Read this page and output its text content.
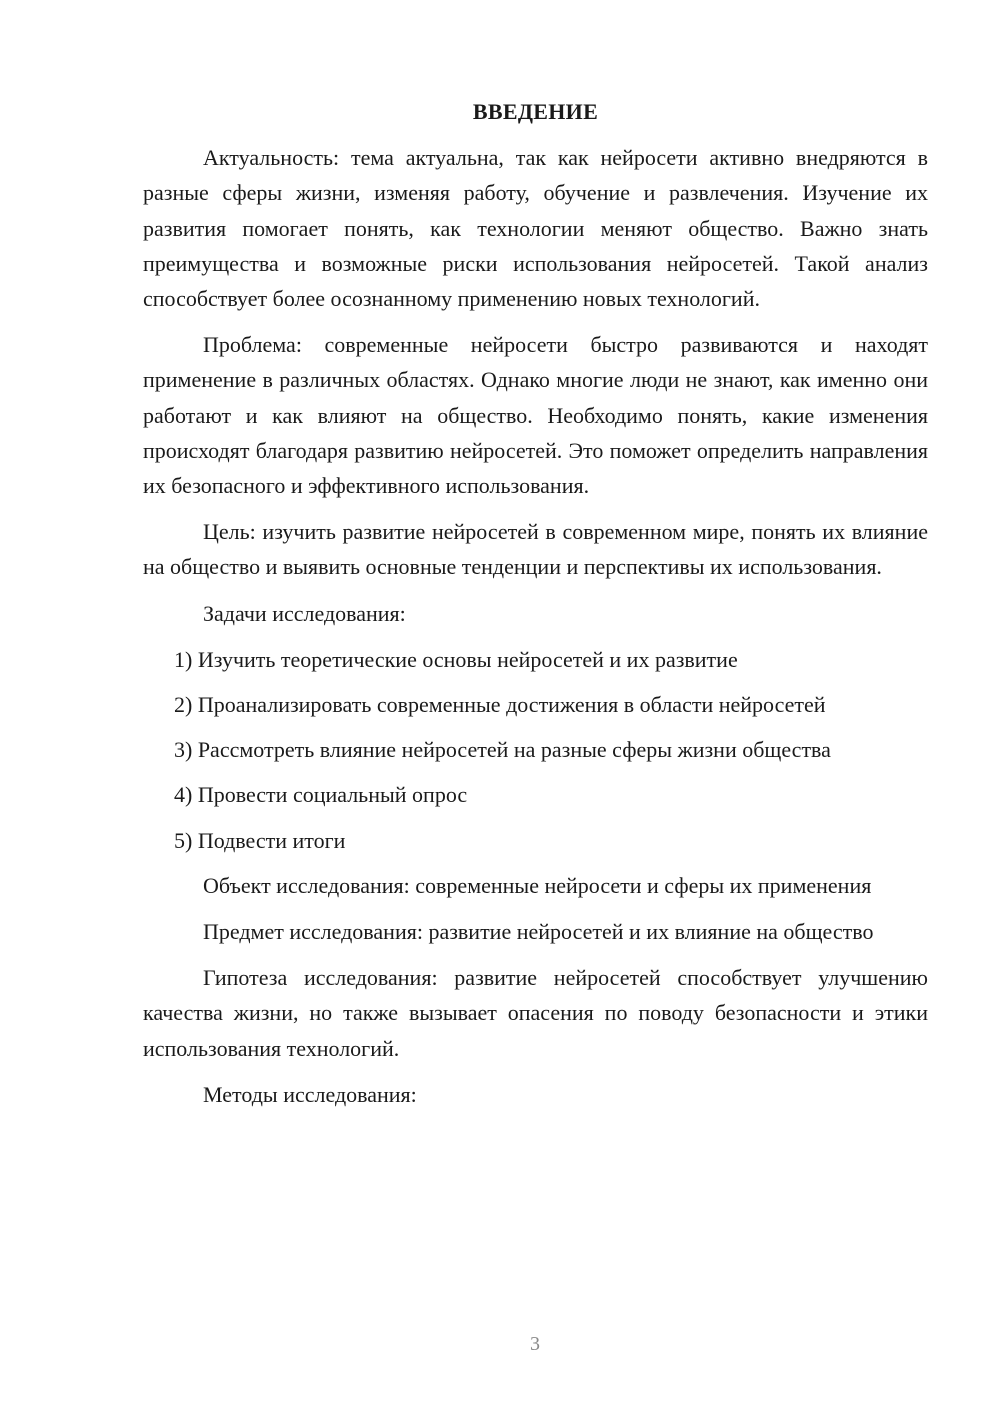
ВВЕДЕНИЕ

Актуальность: тема актуальна, так как нейросети активно внедряются в разные сферы жизни, изменяя работу, обучение и развлечения. Изучение их развития помогает понять, как технологии меняют общество. Важно знать преимущества и возможные риски использования нейросетей. Такой анализ способствует более осознанному применению новых технологий.

Проблема: современные нейросети быстро развиваются и находят применение в различных областях. Однако многие люди не знают, как именно они работают и как влияют на общество. Необходимо понять, какие изменения происходят благодаря развитию нейросетей. Это поможет определить направления их безопасного и эффективного использования.

Цель: изучить развитие нейросетей в современном мире, понять их влияние на общество и выявить основные тенденции и перспективы их использования.

Задачи исследования:

1) Изучить теоретические основы нейросетей и их развитие

2) Проанализировать современные достижения в области нейросетей

3) Рассмотреть влияние нейросетей на разные сферы жизни общества

4) Провести социальный опрос

5) Подвести итоги

Объект исследования: современные нейросети и сферы их применения

Предмет исследования: развитие нейросетей и их влияние на общество

Гипотеза исследования: развитие нейросетей способствует улучшению качества жизни, но также вызывает опасения по поводу безопасности и этики использования технологий.

Методы исследования:

3
